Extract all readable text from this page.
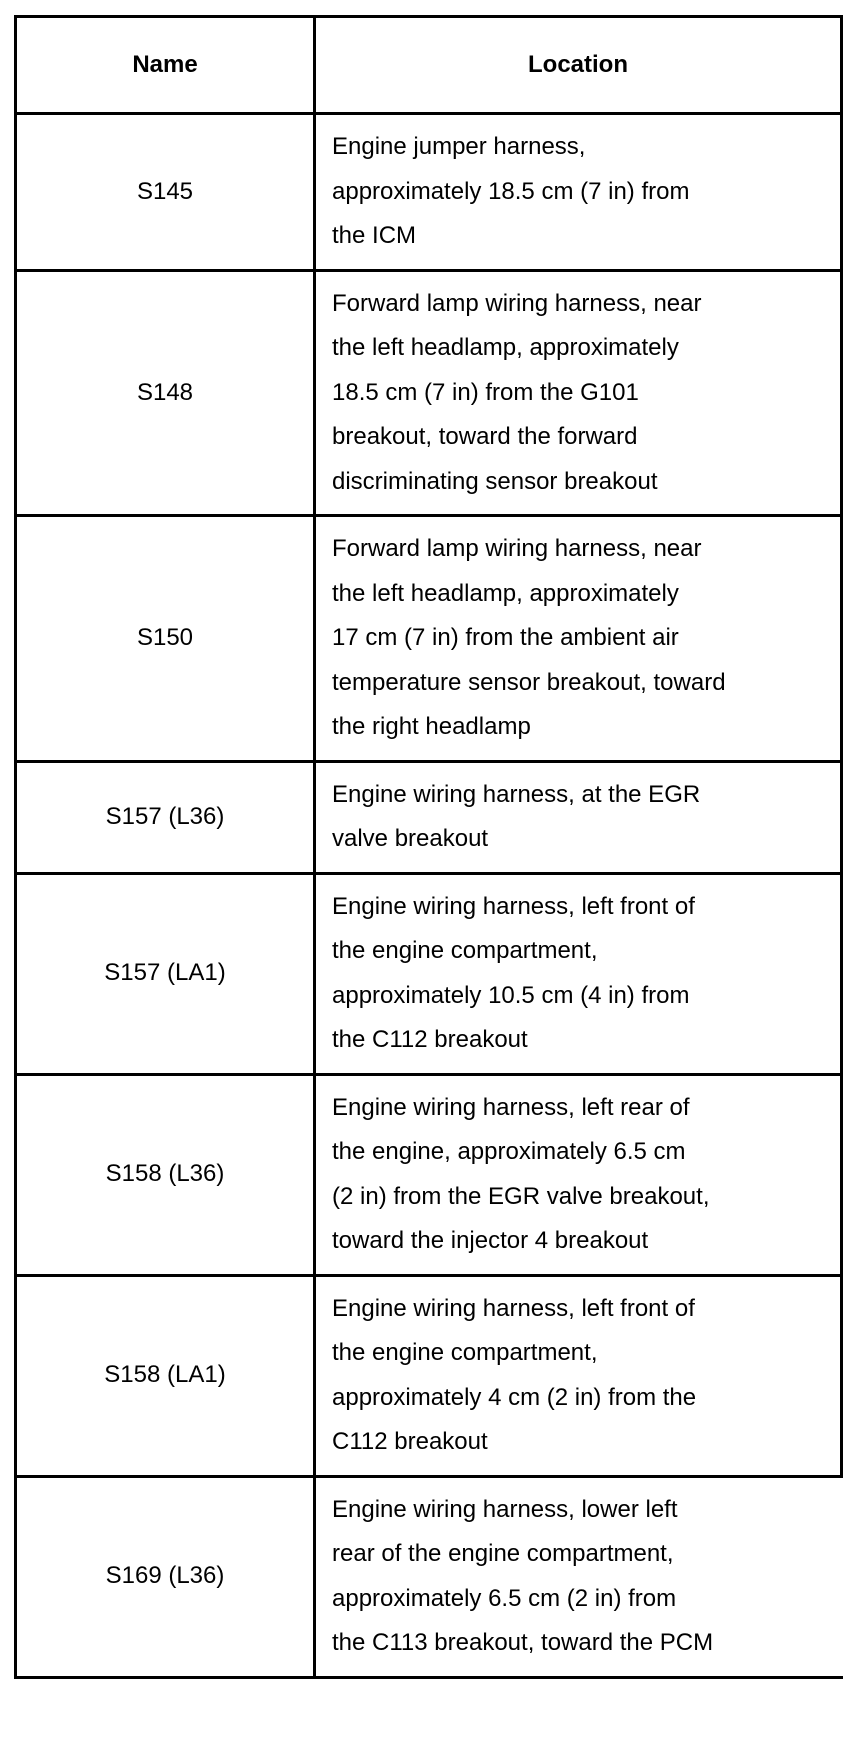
Name	Location
S145	Engine jumper harness,
approximately 18.5 cm (7 in) from
the ICM
S148	Forward lamp wiring harness, near
the left headlamp, approximately
18.5 cm (7 in) from the G101
breakout, toward the forward
discriminating sensor breakout
S150	Forward lamp wiring harness, near
the left headlamp, approximately
17 cm (7 in) from the ambient air
temperature sensor breakout, toward
the right headlamp
S157 (L36)	Engine wiring harness, at the EGR
valve breakout
S157 (LA1)	Engine wiring harness, left front of
the engine compartment,
approximately 10.5 cm (4 in) from
the C112 breakout
S158 (L36)	Engine wiring harness, left rear of
the engine, approximately 6.5 cm
(2 in) from the EGR valve breakout,
toward the injector 4 breakout
S158 (LA1)	Engine wiring harness, left front of
the engine compartment,
approximately 4 cm (2 in) from the
C112 breakout
S169 (L36)	Engine wiring harness, lower left
rear of the engine compartment,
approximately 6.5 cm (2 in) from
the C113 breakout, toward the PCM
